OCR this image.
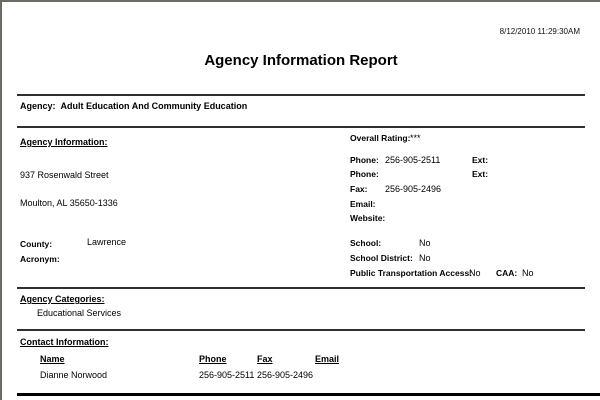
8/12/2010 11:29:30AM
Agency Information Report
Agency: Adult Education And Community Education
Agency Information:
937 Rosenwald Street
Moulton, AL 35650-1336
County:	Lawrence
Acronym:
Overall Rating: ***
Phone: 256-905-2511	Ext:
Phone:	Ext:
Fax: 256-905-2496
Email:
Website:
School:	No
School District: No
Public Transportation Access:
No CAA: No
Agency Categories:
Educational Services
Contact Information:
Name	Phone	Fax	Email
Dianne Norwood	256-905-2511 256-905-2496
